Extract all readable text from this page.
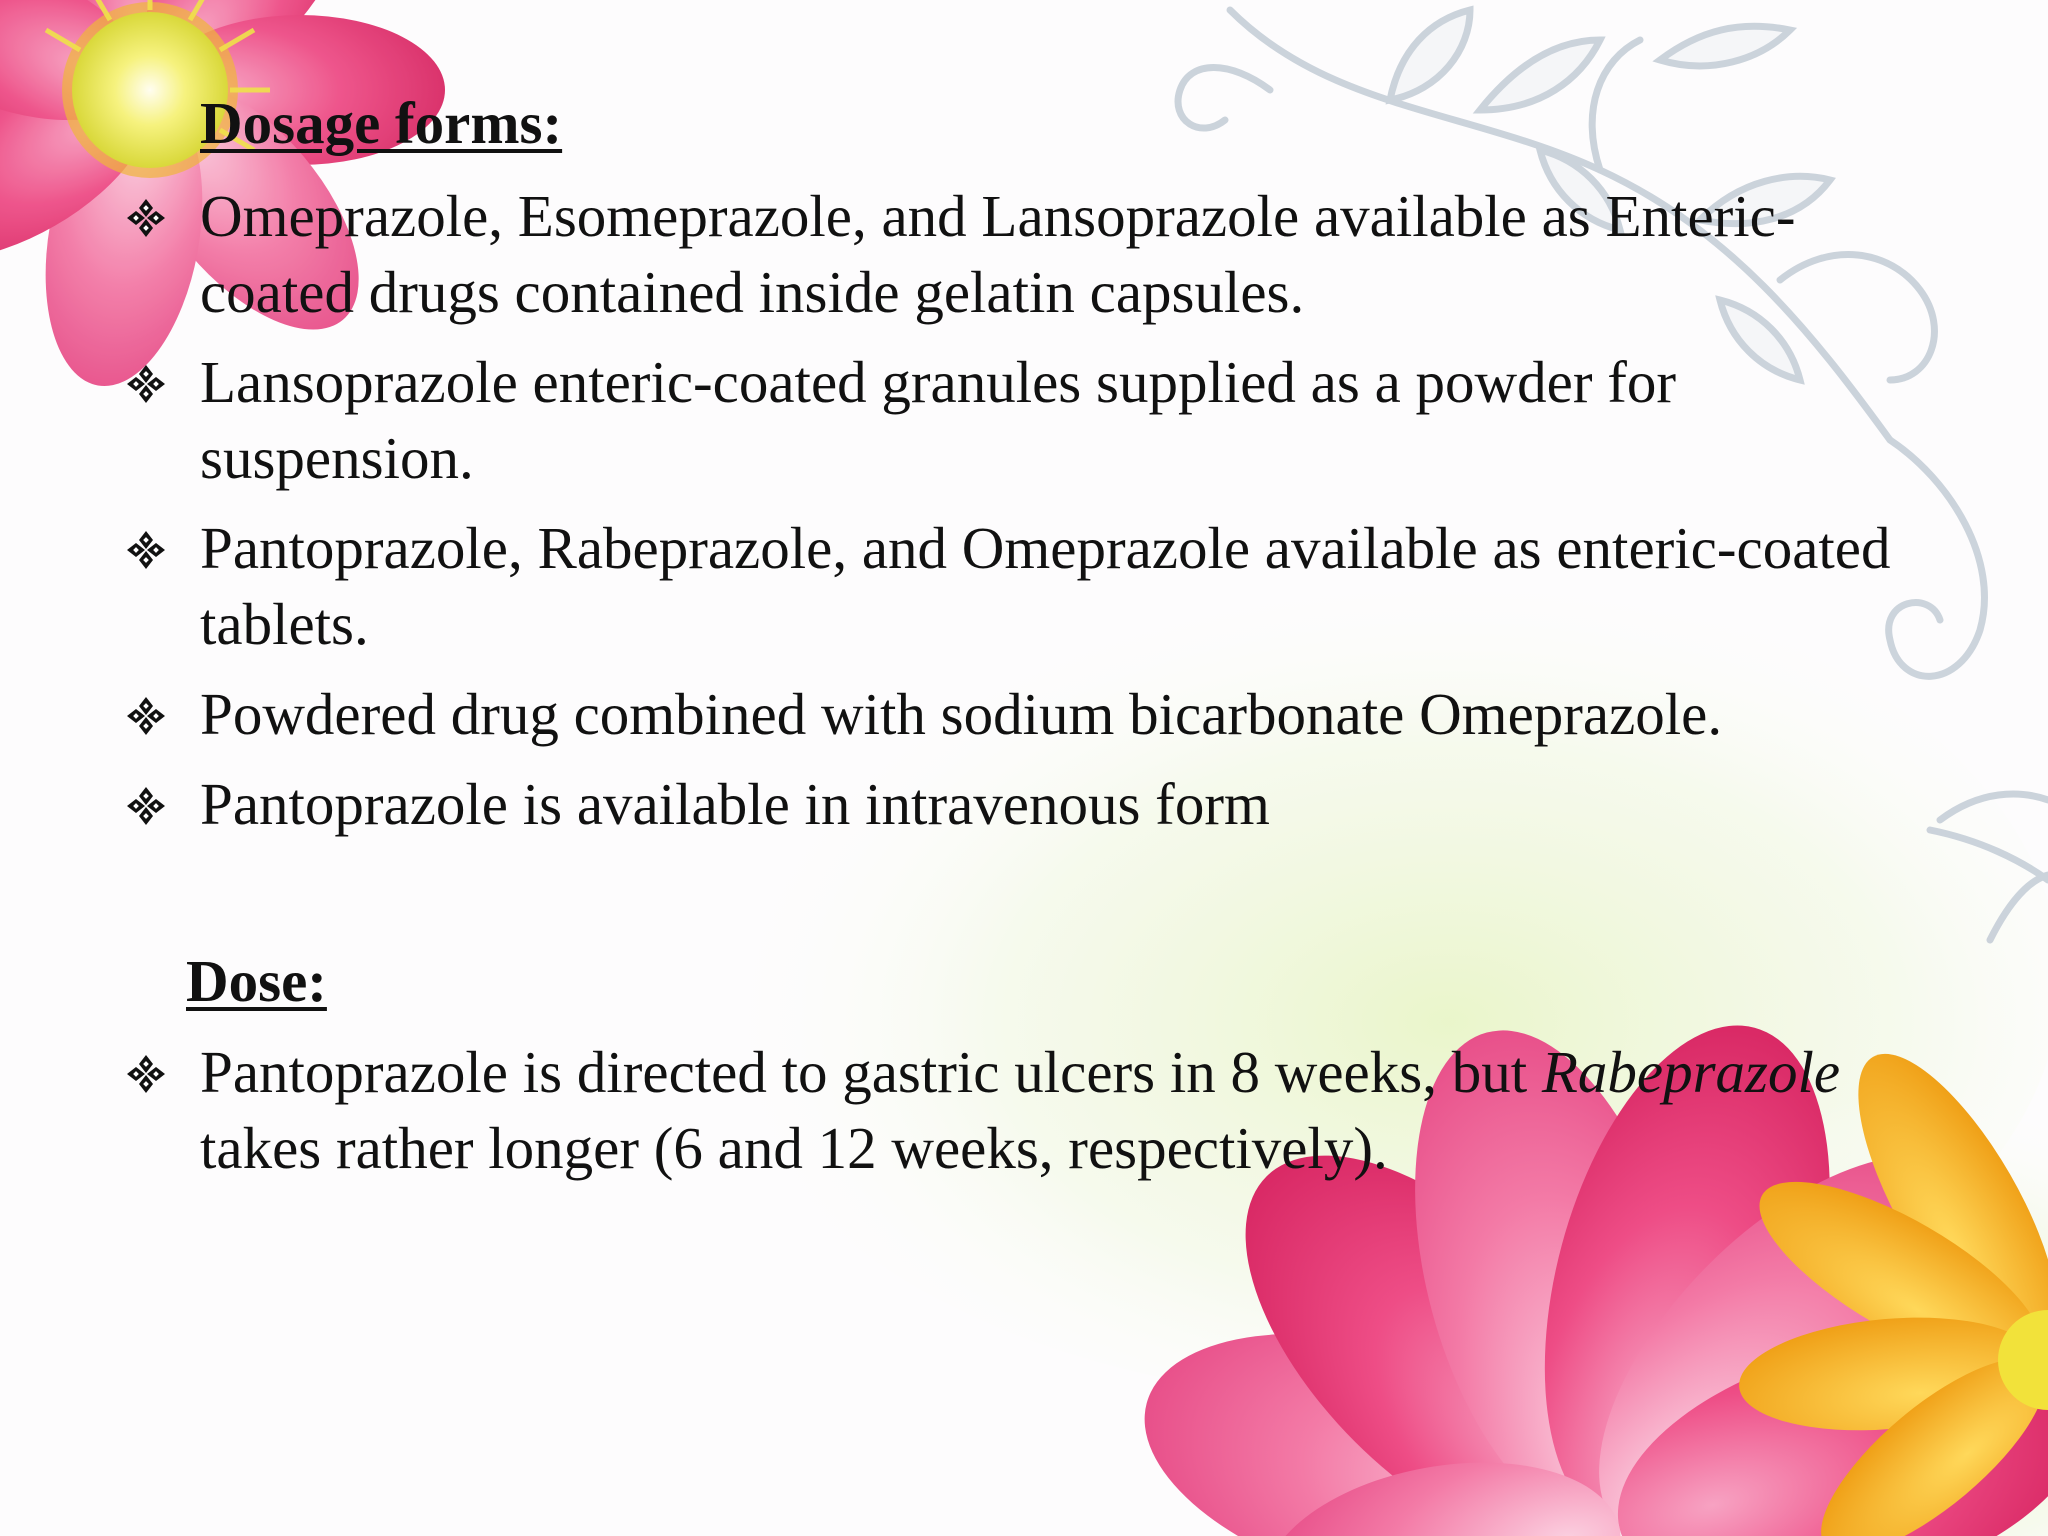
Dosage forms:
Omeprazole, Esomeprazole, and Lansoprazole available as Enteric-coated drugs contained inside gelatin capsules.
Lansoprazole enteric-coated granules supplied as a powder for suspension.
Pantoprazole, Rabeprazole, and Omeprazole available as enteric-coated tablets.
Powdered drug combined with sodium bicarbonate Omeprazole.
Pantoprazole is available in intravenous form
Dose:
Pantoprazole is directed to gastric ulcers in 8 weeks, but Rabeprazole takes rather longer (6 and 12 weeks, respectively).
